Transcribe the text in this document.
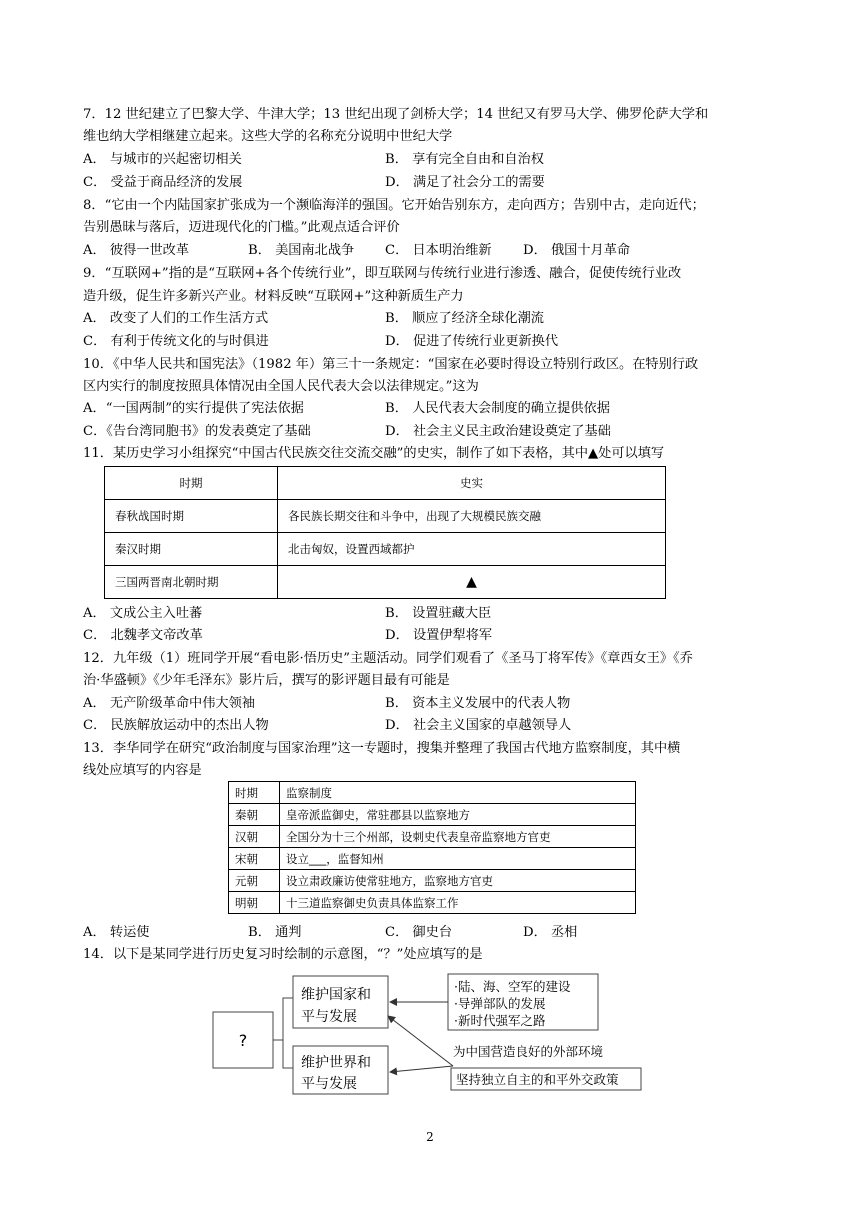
7．12 世纪建立了巴黎大学、牛津大学；13 世纪出现了剑桥大学；14 世纪又有罗马大学、佛罗伦萨大学和
维也纳大学相继建立起来。这些大学的名称充分说明中世纪大学
A． 与城市的兴起密切相关	B． 享有完全自由和自治权
C． 受益于商品经济的发展	D． 满足了社会分工的需要
8．“它由一个内陆国家扩张成为一个濒临海洋的强国。它开始告别东方，走向西方；告别中古，走向近代；
告别愚昧与落后，迈进现代化的门槛。”此观点适合评价
A． 彼得一世改革	B． 美国南北战争 C． 日本明治维新 D． 俄国十月革命
9．“互联网+”指的是“互联网+各个传统行业”，即互联网与传统行业进行渗透、融合，促使传统行业改
造升级，促生许多新兴产业。材料反映“互联网+”这种新质生产力
A． 改变了人们的工作生活方式	B． 顺应了经济全球化潮流
C． 有利于传统文化的与时俱进	D． 促进了传统行业更新换代
10．《中华人民共和国宪法》（1982 年）第三十一条规定：“国家在必要时得设立特别行政区。在特别行政
区内实行的制度按照具体情况由全国人民代表大会以法律规定。”这为
A．“一国两制”的实行提供了宪法依据	B． 人民代表大会制度的确立提供依据
C．《告台湾同胞书》的发表奠定了基础	D． 社会主义民主政治建设奠定了基础
11．某历史学习小组探究“中国古代民族交往交流交融”的史实，制作了如下表格，其中▲处可以填写
时期	史实
春秋战国时期	各民族长期交往和斗争中，出现了大规模民族交融
秦汉时期	北击匈奴，设置西域都护
三国两晋南北朝时期	▲
A． 文成公主入吐蕃	B． 设置驻藏大臣
C． 北魏孝文帝改革	D． 设置伊犁将军
12．九年级（1）班同学开展“看电影·悟历史”主题活动。同学们观看了《圣马丁将军传》《章西女王》《乔
治·华盛顿》《少年毛泽东》影片后，撰写的影评题目最有可能是
A． 无产阶级革命中伟大领袖	B． 资本主义发展中的代表人物
C． 民族解放运动中的杰出人物	D． 社会主义国家的卓越领导人
13．李华同学在研究“政治制度与国家治理”这一专题时，搜集并整理了我国古代地方监察制度，其中横
线处应填写的内容是
时期	监察制度
秦朝	皇帝派监御史，常驻郡县以监察地方
汉朝	全国分为十三个州部，设刺史代表皇帝监察地方官吏
宋朝	设立___，监督知州
元朝	设立肃政廉访使常驻地方，监察地方官吏
明朝	十三道监察御史负责具体监察工作
A． 转运使	B． 通判	C． 御史台	D． 丞相
14．以下是某同学进行历史复习时绘制的示意图，“？”处应填写的是
?
维护国家和
平与发展
维护世界和
平与发展
·陆、海、空军的建设
·导弹部队的发展
·新时代强军之路
为中国营造良好的外部环境
坚持独立自主的和平外交政策
2
